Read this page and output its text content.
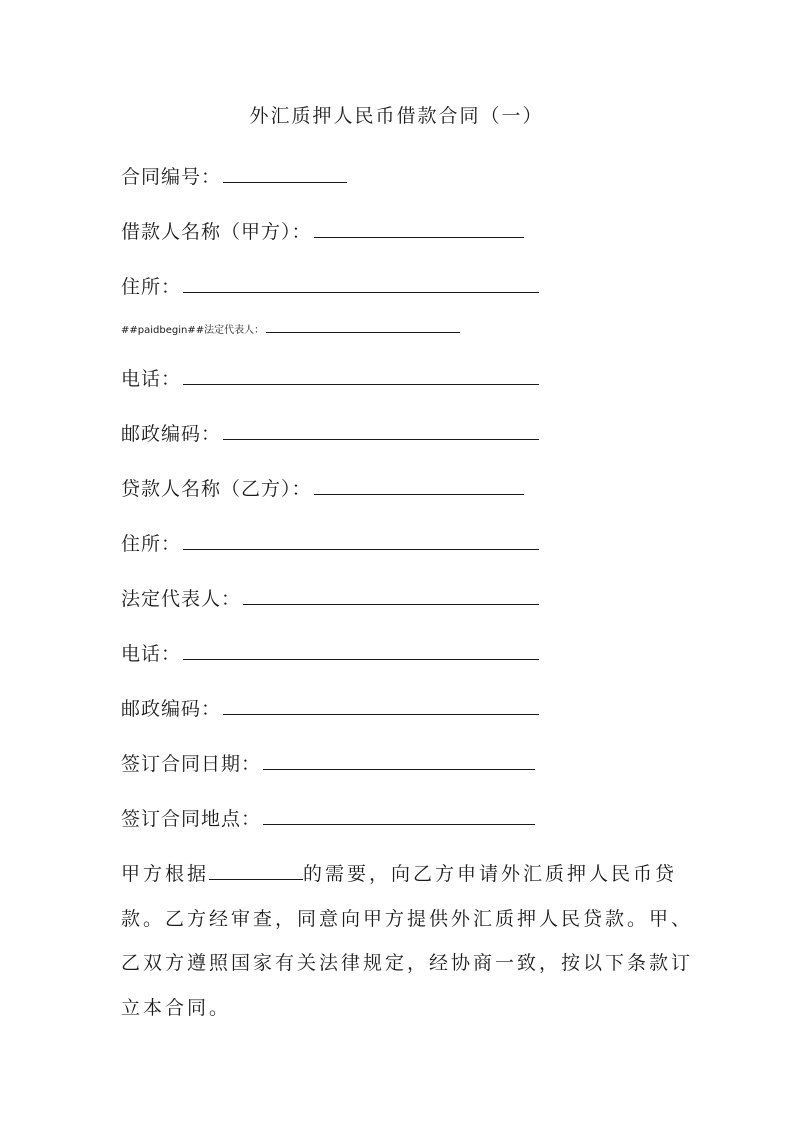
外汇质押人民币借款合同（一）
合同编号：
借款人名称（甲方）：
住所：
##paidbegin##法定代表人：
电话：
邮政编码：
贷款人名称（乙方）：
住所：
法定代表人：
电话：
邮政编码：
签订合同日期：
签订合同地点：
甲方根据	的需要，向乙方申请外汇质押人民币贷
款。乙方经审查，同意向甲方提供外汇质押人民贷款。甲、
乙双方遵照国家有关法律规定，经协商一致，按以下条款订
立本合同。
